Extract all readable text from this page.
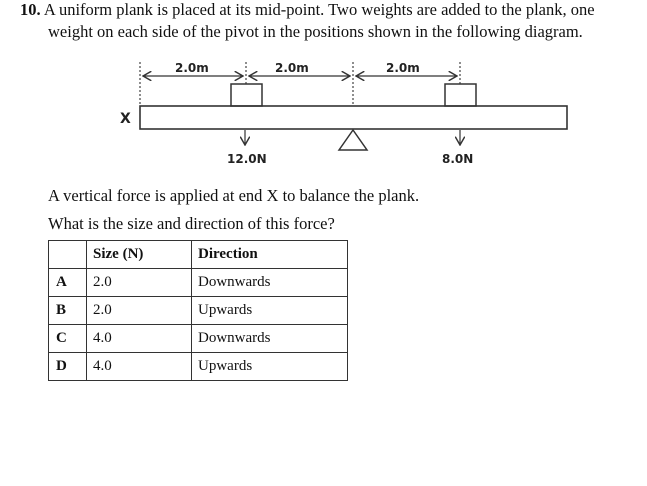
10. A uniform plank is placed at its mid-point. Two weights are added to the plank, one
weight on each side of the pivot in the positions shown in the following diagram.
2.0m	2.0m	2.0m
X
12.0N	8.0N
A vertical force is applied at end X to balance the plank.
What is the size and direction of this force?
	Size (N)	Direction
A	2.0	Downwards
B	2.0	Upwards
C	4.0	Downwards
D	4.0	Upwards
